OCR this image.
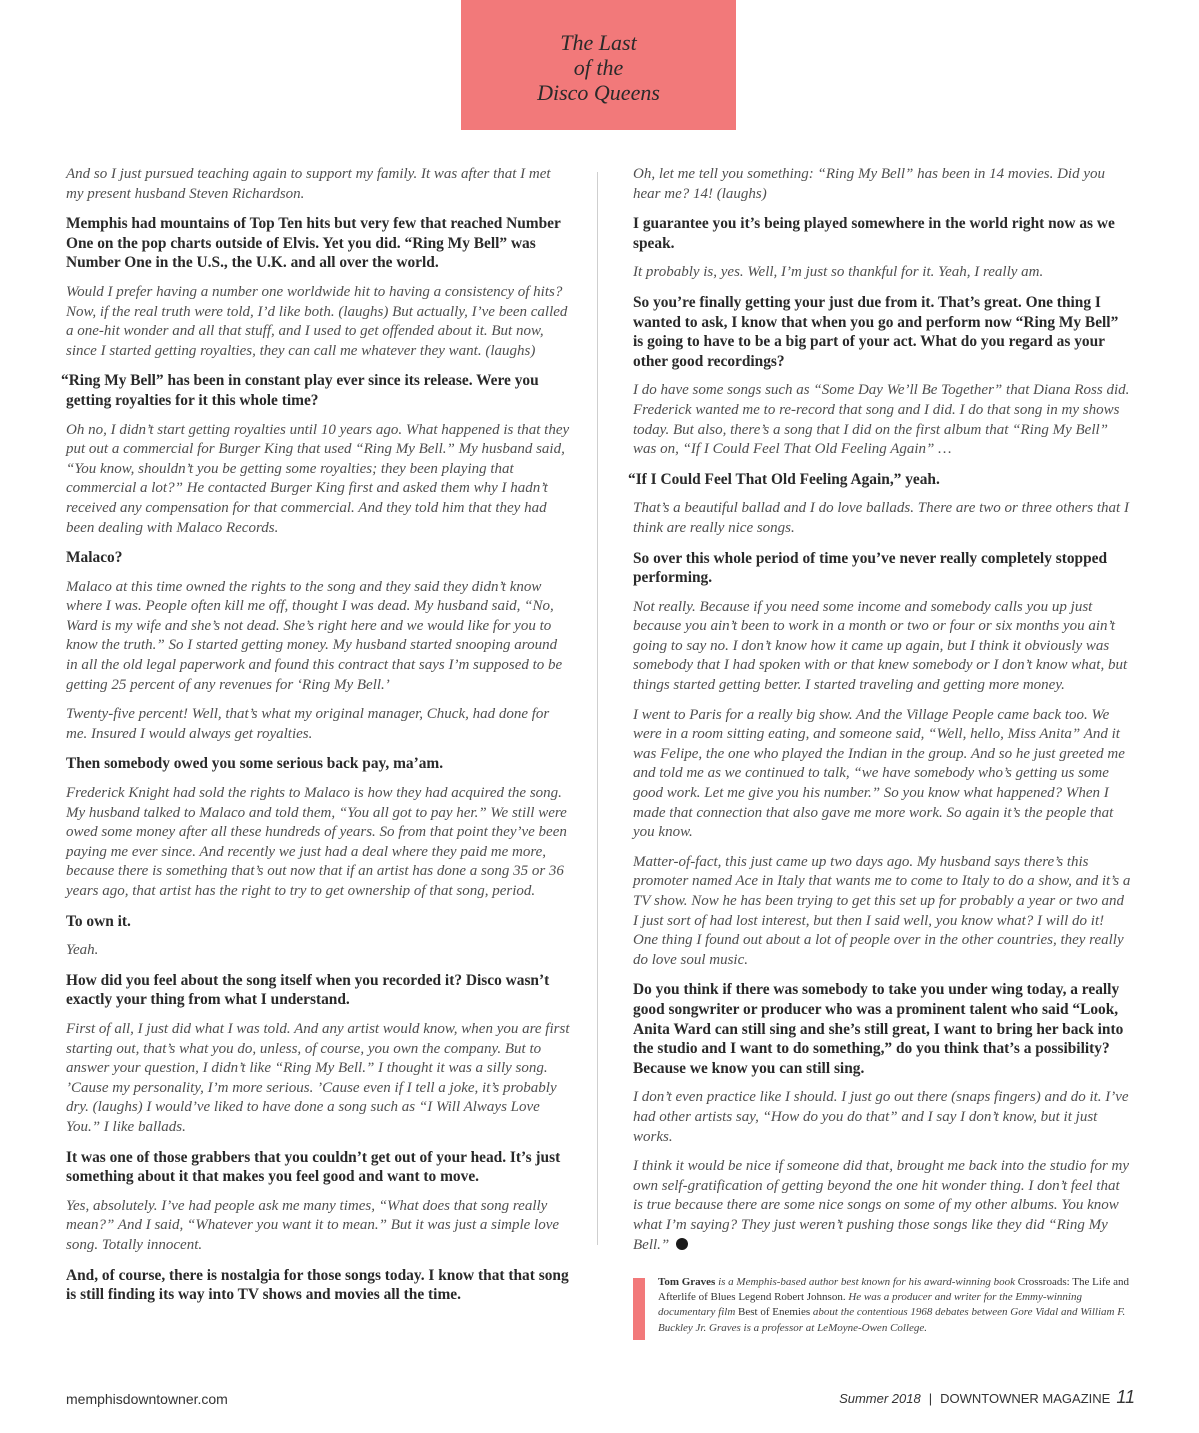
The Last
of the
Disco Queens

And so I just pursued teaching again to support my family. It was after that I met my present husband Steven Richardson.

Memphis had mountains of Top Ten hits but very few that reached Number One on the pop charts outside of Elvis. Yet you did. “Ring My Bell” was Number One in the U.S., the U.K. and all over the world.

Would I prefer having a number one worldwide hit to having a consistency of hits? Now, if the real truth were told, I’d like both. (laughs) But actually, I’ve been called a one-hit wonder and all that stuff, and I used to get offended about it. But now, since I started getting royalties, they can call me whatever they want. (laughs)

“Ring My Bell” has been in constant play ever since its release. Were you getting royalties for it this whole time?

Oh no, I didn’t start getting royalties until 10 years ago. What happened is that they put out a commercial for Burger King that used “Ring My Bell.” My husband said, “You know, shouldn’t you be getting some royalties; they been playing that commercial a lot?” He contacted Burger King first and asked them why I hadn’t received any compensation for that commercial. And they told him that they had been dealing with Malaco Records.

Malaco?

Malaco at this time owned the rights to the song and they said they didn’t know where I was. People often kill me off, thought I was dead. My husband said, “No, Ward is my wife and she’s not dead. She’s right here and we would like for you to know the truth.” So I started getting money. My husband started snooping around in all the old legal paperwork and found this contract that says I’m supposed to be getting 25 percent of any revenues for ‘Ring My Bell.’

Twenty-five percent! Well, that’s what my original manager, Chuck, had done for me. Insured I would always get royalties.

Then somebody owed you some serious back pay, ma’am.

Frederick Knight had sold the rights to Malaco is how they had acquired the song. My husband talked to Malaco and told them, “You all got to pay her.” We still were owed some money after all these hundreds of years. So from that point they’ve been paying me ever since. And recently we just had a deal where they paid me more, because there is something that’s out now that if an artist has done a song 35 or 36 years ago, that artist has the right to try to get ownership of that song, period.

To own it.

Yeah.

How did you feel about the song itself when you recorded it? Disco wasn’t exactly your thing from what I understand.

First of all, I just did what I was told. And any artist would know, when you are first starting out, that’s what you do, unless, of course, you own the company. But to answer your question, I didn’t like “Ring My Bell.” I thought it was a silly song. ’Cause my personality, I’m more serious. ’Cause even if I tell a joke, it’s probably dry. (laughs) I would’ve liked to have done a song such as “I Will Always Love You.” I like ballads.

It was one of those grabbers that you couldn’t get out of your head. It’s just something about it that makes you feel good and want to move.

Yes, absolutely. I’ve had people ask me many times, “What does that song really mean?” And I said, “Whatever you want it to mean.” But it was just a simple love song. Totally innocent.

And, of course, there is nostalgia for those songs today. I know that that song is still finding its way into TV shows and movies all the time.

Oh, let me tell you something: “Ring My Bell” has been in 14 movies. Did you hear me? 14! (laughs)

I guarantee you it’s being played somewhere in the world right now as we speak.

It probably is, yes. Well, I’m just so thankful for it. Yeah, I really am.

So you’re finally getting your just due from it. That’s great. One thing I wanted to ask, I know that when you go and perform now “Ring My Bell” is going to have to be a big part of your act. What do you regard as your other good recordings?

I do have some songs such as “Some Day We’ll Be Together” that Diana Ross did. Frederick wanted me to re-record that song and I did. I do that song in my shows today. But also, there’s a song that I did on the first album that “Ring My Bell” was on, “If I Could Feel That Old Feeling Again” …

“If I Could Feel That Old Feeling Again,” yeah.

That’s a beautiful ballad and I do love ballads. There are two or three others that I think are really nice songs.

So over this whole period of time you’ve never really completely stopped performing.

Not really. Because if you need some income and somebody calls you up just because you ain’t been to work in a month or two or four or six months you ain’t going to say no. I don’t know how it came up again, but I think it obviously was somebody that I had spoken with or that knew somebody or I don’t know what, but things started getting better. I started traveling and getting more money.

I went to Paris for a really big show. And the Village People came back too. We were in a room sitting eating, and someone said, “Well, hello, Miss Anita” And it was Felipe, the one who played the Indian in the group. And so he just greeted me and told me as we continued to talk, “we have somebody who’s getting us some good work. Let me give you his number.” So you know what happened? When I made that connection that also gave me more work. So again it’s the people that you know.

Matter-of-fact, this just came up two days ago. My husband says there’s this promoter named Ace in Italy that wants me to come to Italy to do a show, and it’s a TV show. Now he has been trying to get this set up for probably a year or two and I just sort of had lost interest, but then I said well, you know what? I will do it! One thing I found out about a lot of people over in the other countries, they really do love soul music.

Do you think if there was somebody to take you under wing today, a really good songwriter or producer who was a prominent talent who said “Look, Anita Ward can still sing and she’s still great, I want to bring her back into the studio and I want to do something,” do you think that’s a possibility? Because we know you can still sing.

I don’t even practice like I should. I just go out there (snaps fingers) and do it. I’ve had other artists say, “How do you do that” and I say I don’t know, but it just works.

I think it would be nice if someone did that, brought me back into the studio for my own self-gratification of getting beyond the one hit wonder thing. I don’t feel that is true because there are some nice songs on some of my other albums. You know what I’m saying? They just weren’t pushing those songs like they did “Ring My Bell.”

Tom Graves is a Memphis-based author best known for his award-winning book Crossroads: The Life and Afterlife of Blues Legend Robert Johnson. He was a producer and writer for the Emmy-winning documentary film Best of Enemies about the contentious 1968 debates between Gore Vidal and William F. Buckley Jr. Graves is a professor at LeMoyne-Owen College.
memphisdowntowner.com	Summer 2018 | DOWNTOWNER MAGAZINE 11
